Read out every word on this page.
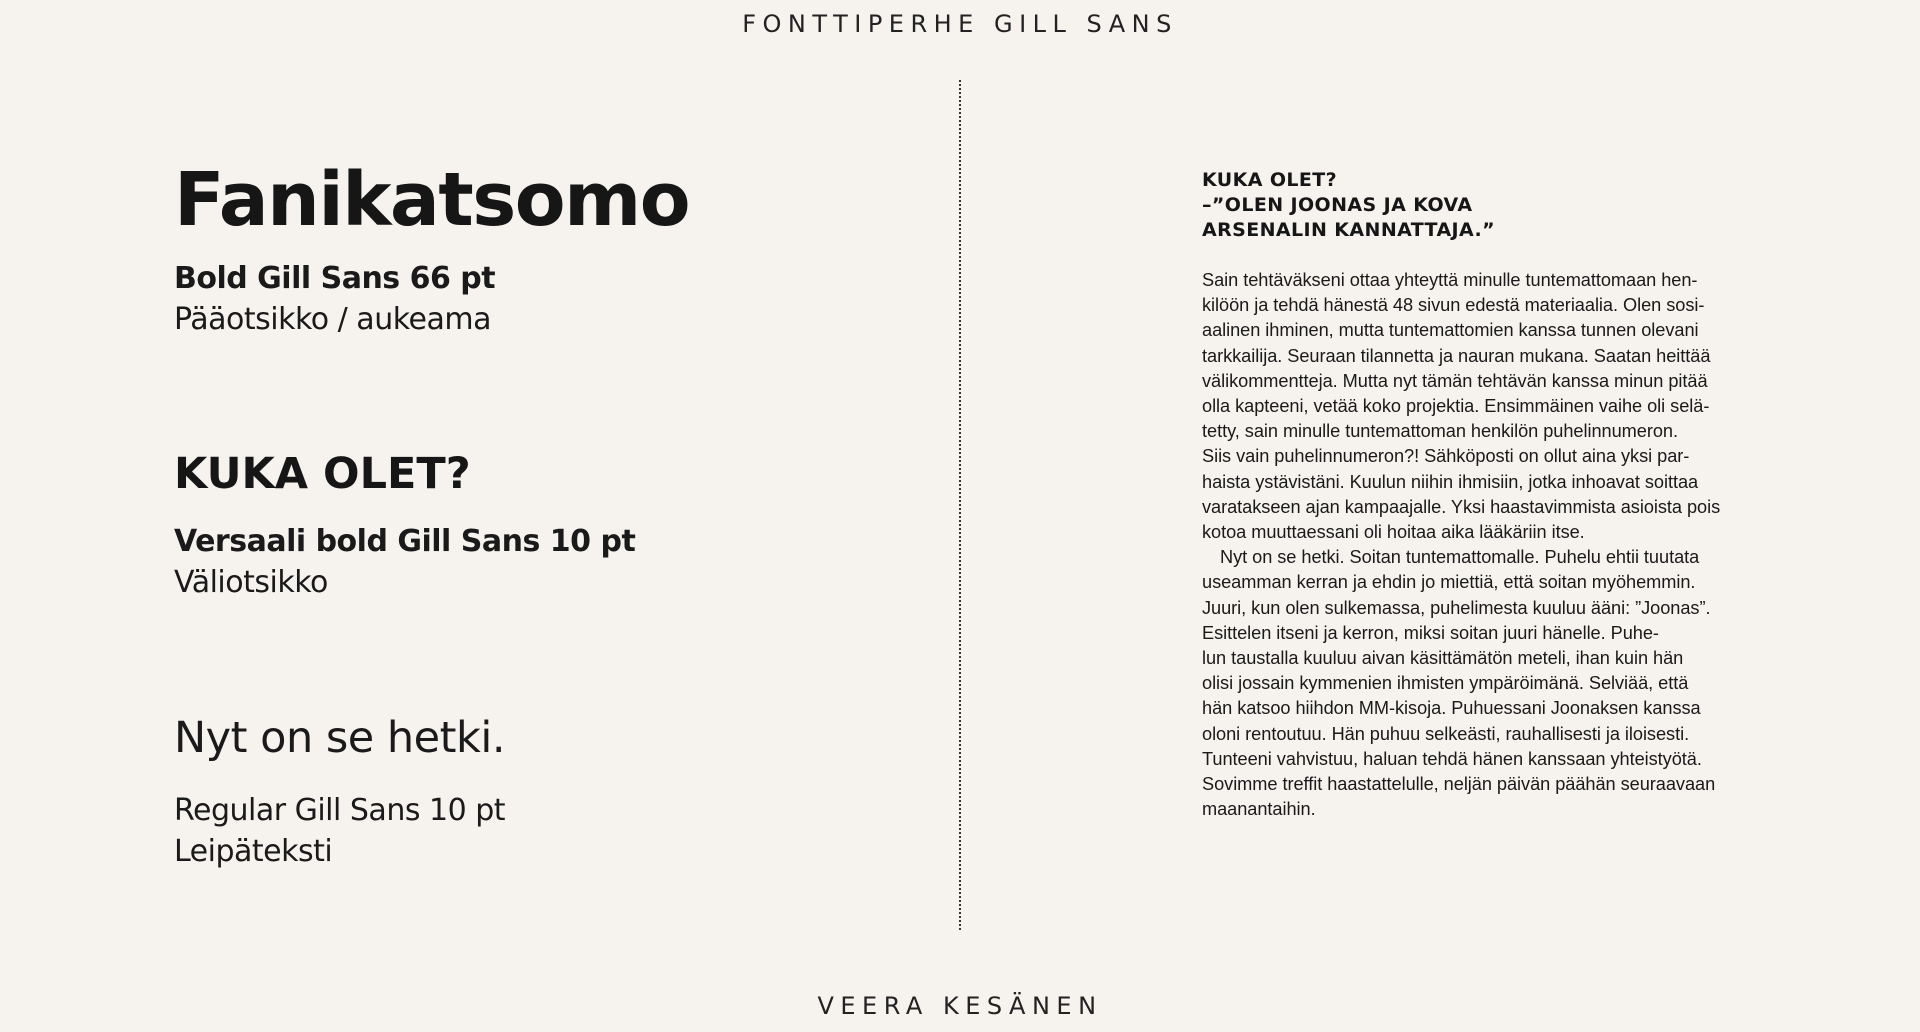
FONTTIPERHE GILL SANS
Fanikatsomo
Bold Gill Sans 66 pt
Pääotsikko / aukeama
KUKA OLET?
Versaali bold Gill Sans 10 pt
Väliotsikko
Nyt on se hetki.
Regular Gill Sans 10 pt
Leipäteksti
KUKA OLET?
–”OLEN JOONAS JA KOVA
ARSENALIN KANNATTAJA.”
Sain tehtäväkseni ottaa yhteyttä minulle tuntemattomaan hen-
kilöön ja tehdä hänestä 48 sivun edestä materiaalia. Olen sosi-
aalinen ihminen, mutta tuntemattomien kanssa tunnen olevani
tarkkailija. Seuraan tilannetta ja nauran mukana. Saatan heittää
välikommentteja. Mutta nyt tämän tehtävän kanssa minun pitää
olla kapteeni, vetää koko projektia. Ensimmäinen vaihe oli selä-
tetty, sain minulle tuntemattoman henkilön puhelinnumeron.
Siis vain puhelinnumeron?! Sähköposti on ollut aina yksi par-
haista ystävistäni. Kuulun niihin ihmisiin, jotka inhoavat soittaa
varatakseen ajan kampaajalle. Yksi haastavimmista asioista pois
kotoa muuttaessani oli hoitaa aika lääkäriin itse.
Nyt on se hetki. Soitan tuntemattomalle. Puhelu ehtii tuutata
useamman kerran ja ehdin jo miettiä, että soitan myöhemmin.
Juuri, kun olen sulkemassa, puhelimesta kuuluu ääni: ”Joonas”.
Esittelen itseni ja kerron, miksi soitan juuri hänelle. Puhe-
lun taustalla kuuluu aivan käsittämätön meteli, ihan kuin hän
olisi jossain kymmenien ihmisten ympäröimänä. Selviää, että
hän katsoo hiihdon MM-kisoja. Puhuessani Joonaksen kanssa
oloni rentoutuu. Hän puhuu selkeästi, rauhallisesti ja iloisesti.
Tunteeni vahvistuu, haluan tehdä hänen kanssaan yhteistyötä.
Sovimme treffit haastattelulle, neljän päivän päähän seuraavaan
maanantaihin.
VEERA KESÄNEN
